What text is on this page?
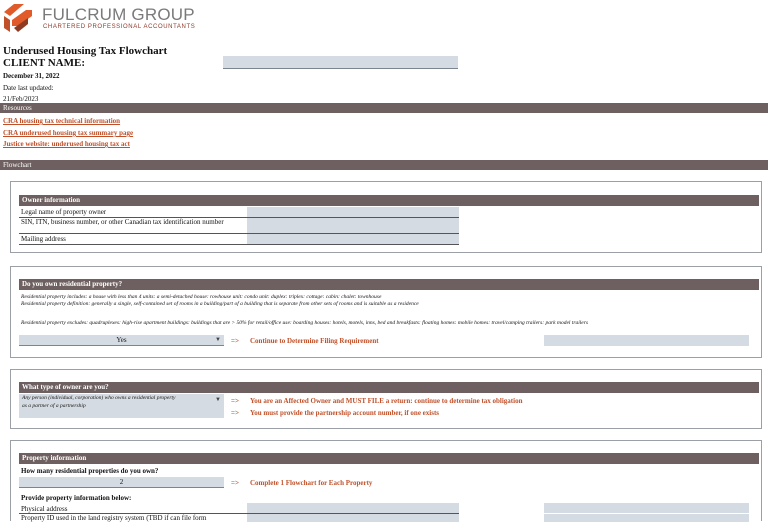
FULCRUM GROUP
CHARTERED PROFESSIONAL ACCOUNTANTS
Underused Housing Tax Flowchart
CLIENT NAME:
December 31, 2022
Date last updated:
21/Feb/2023
Resources
CRA housing tax technical information
CRA underused housing tax summary page
Justice website: underused housing tax act
Flowchart
Owner information
Legal name of property owner
SIN, ITN, business number, or other Canadian tax identification number
Mailing address
Do you own residential property?
Residential property includes: a house with less than 4 units: a semi-detached house: rowhouse unit: condo unit: duplex: triplex: cottage: cabin: chalet: townhouse
Residential property definition: generally a single, self-contained set of rooms in a building/part of a building that is separate from other sets of rooms and is suitable as a residence
Residential property excludes: quadruplexes: high-rise apartment buildings: buildings that are > 50% for retail/office use: boarding houses: hotels, motels, inns, bed and breakfasts: floating homes: mobile homes: travel/camping trailers: park model trailers
Yes	▼ => Continue to Determine Filing Requirement
What type of owner are you?
Any person (individual, corporation) who owns a residential property
as a partner of a partnership
▼ => You are an Affected Owner and MUST FILE a return: continue to determine tax obligation
=> You must provide the partnership account number, if one exists
Property information
How many residential properties do you own?
2	=> Complete 1 Flowchart for Each Property
Provide property information below:
Physical address
Property ID used in the land registry system (TBD if can file form
